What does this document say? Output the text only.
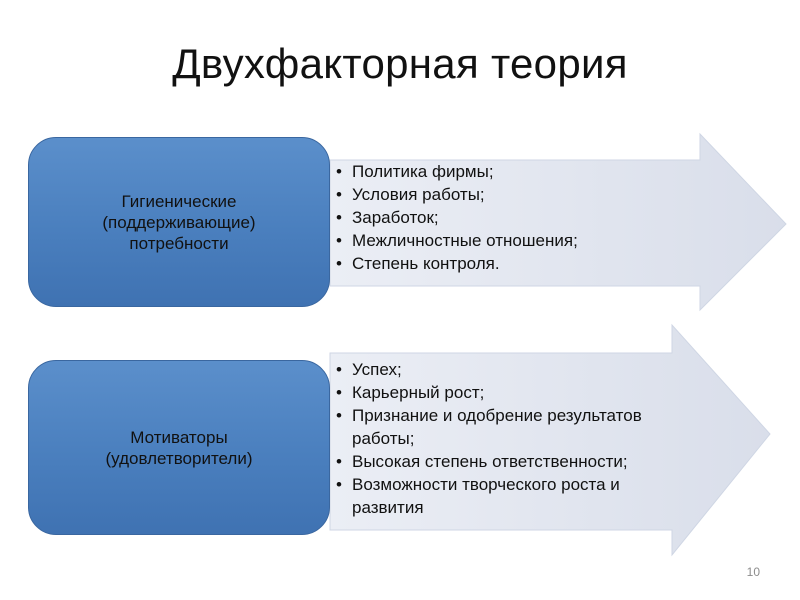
Двухфакторная теория
Гигиенические
(поддерживающие)
потребности
• Политика фирмы;
• Условия работы;
• Заработок;
• Межличностные отношения;
• Степень контроля.
Мотиваторы
(удовлетворители)
• Успех;
• Карьерный рост;
• Признание и одобрение результатов работы;
• Высокая степень ответственности;
• Возможности творческого роста и развития
10
